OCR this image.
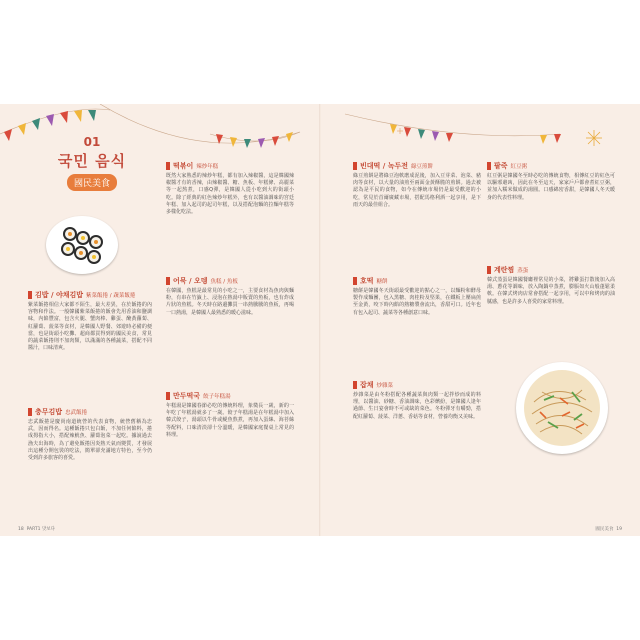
01
국민 음식
國民美食
김밥 / 야채김밥 紫菜飯捲 / 蔬菜飯捲
紫菜飯捲相信大家都不陌生，最大差異，在於飯捲的內容物和作法。一般韓國紫菜飯捲的飯會先用香油和鹽調味，內餡豐富，包含火腿、蟹肉棒、雞蛋、醃黃蘿蔔、紅蘿蔔、菠菜等食材，是韓國人野餐、郊遊時必備的便當，也是街頭小吃攤、超商都買得到的國民美食，常見的蔬菜飯捲則不加肉類，以滿滿的各種蔬菜，搭配不同醬汁，口味清爽。
충무김밥 忠武飯捲
忠武飯捲是慶尚南道統營的代表食物，統營舊稱為忠武，因而得名。這種飯捲只包白飯，不加任何餡料，捲成拇指大小，搭配辣魷魚、蘿蔔泡菜一起吃。據說過去漁夫出海時，為了避免飯捲因炎熱天氣而變質，才發展出這種分開包裝的吃法，簡單卻充滿地方特色，至今仍受到許多旅客的喜愛。
떡볶이 辣炒年糕
既然大家熟悉的辣炒年糕，都有加入辣椒醬，這是韓國辣椒醬才有的香辣，由辣椒醬、糖、魚板、年糕條、高麗菜等一起熬煮，口感Q彈，是韓國人從小吃到大的街頭小吃。除了經典的紅色辣炒年糕外，也有以醬油調味的宮廷年糕、加入起司的起司年糕，以及搭配泡麵的拉麵年糕等多樣化吃法。
어묵 / 오뎅 魚糕 / 魚板
在韓國，魚糕是最常見的小吃之一，主要食材為魚肉與麵粉，有串在竹籤上、浸泡在熱湯中販賣的魚板，也有炸成片狀的魚糕。冬天時在路邊攤買一串熱騰騰的魚板，再喝一口熱湯，是韓國人最熟悉的暖心滋味。
만두떡국 餃子年糕湯
年糕湯是韓國春節必吃的傳統料理，象徵長一歲，新的一年吃了年糕湯就多了一歲。餃子年糕湯是在年糕湯中加入韓式餃子，湯頭以牛骨或鯷魚熬煮，再加入蛋絲、海苔絲等配料，口味清淡卻十分溫暖，是韓國家庭餐桌上常見的料理。
18 PART1 맛보다
빈대떡 / 녹두전 綠豆煎餅
綠豆煎餅是將綠豆泡軟磨成泥後，加入豆芽菜、泡菜、豬肉等食材，以大量的油煎至兩面金黃酥脆的煎餅。過去被認為是平民的食物，如今在傳統市場仍是最受歡迎的小吃，常見於首爾廣藏市場，搭配馬格利酒一起享用，是下雨天的最佳組合。
호떡 糖餅
糖餅是韓國冬天街頭最受歡迎的點心之一，以麵粉和酵母製作成麵團，包入黑糖、肉桂粉及堅果，在鐵板上壓扁煎至金黃，咬下時內餡的熱糖漿會流出，香甜可口。近年也有包入起司、蔬菜等各種創意口味。
잡채 炒雜菜
炒雜菜是由冬粉搭配各種蔬菜與肉類一起拌炒而成的料理，以醬油、砂糖、香油調味，色彩繽紛，是韓國人逢年過節、生日宴會時不可或缺的菜色。冬粉彈牙有嚼勁，搭配紅蘿蔔、菠菜、洋蔥、香菇等食材，營養均衡又美味。
팥죽 紅豆粥
紅豆粥是韓國冬至時必吃的傳統食物，相傳紅豆的紅色可以驅邪避凶，因此在冬至這天，家家戶戶都會煮紅豆粥，並加入糯米做成的湯圓。口感綿密香甜，是韓國人冬天暖身的代表性料理。
계란찜 蒸蛋
韓式蒸蛋是韓國餐廳裡常見的小菜，將雞蛋打散後加入高湯、蔥花等調味，放入陶鍋中蒸煮，膨脹如火山般蓬鬆柔軟。在韓式烤肉店常會搭配一起享用，可以中和烤肉的油膩感，也是許多人喜愛的家常料理。
國民美食 19
